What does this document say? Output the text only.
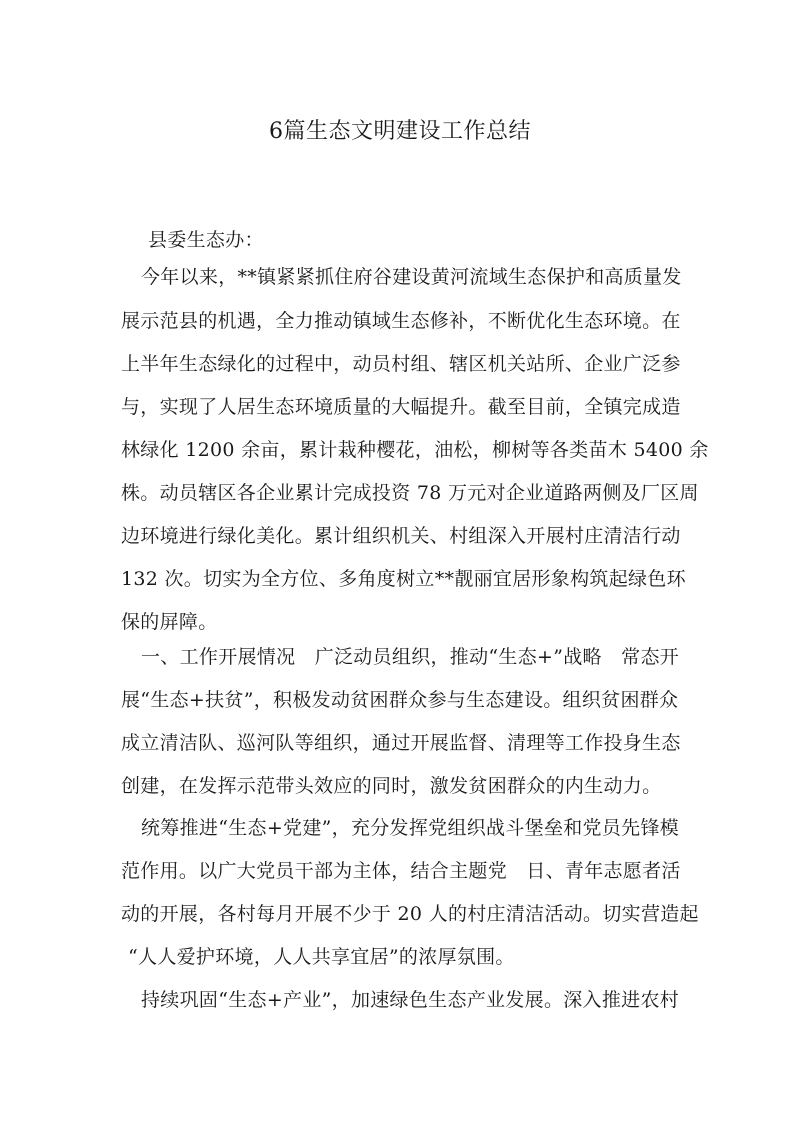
6篇生态文明建设工作总结
县委生态办：
今年以来，**镇紧紧抓住府谷建设黄河流域生态保护和高质量发
展示范县的机遇，全力推动镇域生态修补，不断优化生态环境。在
上半年生态绿化的过程中，动员村组、辖区机关站所、企业广泛参
与，实现了人居生态环境质量的大幅提升。截至目前，全镇完成造
林绿化 1200 余亩，累计栽种樱花，油松，柳树等各类苗木 5400 余
株。动员辖区各企业累计完成投资 78 万元对企业道路两侧及厂区周
边环境进行绿化美化。累计组织机关、村组深入开展村庄清洁行动
132 次。切实为全方位、多角度树立**靓丽宜居形象构筑起绿色环
保的屏障。
一、工作开展情况　广泛动员组织，推动“生态+”战略　常态开
展“生态+扶贫”，积极发动贫困群众参与生态建设。组织贫困群众
成立清洁队、巡河队等组织，通过开展监督、清理等工作投身生态
创建，在发挥示范带头效应的同时，激发贫困群众的内生动力。
统筹推进“生态+党建”，充分发挥党组织战斗堡垒和党员先锋模
范作用。以广大党员干部为主体，结合主题党　日、青年志愿者活
动的开展，各村每月开展不少于 20 人的村庄清洁活动。切实营造起
“人人爱护环境，人人共享宜居”的浓厚氛围。
持续巩固“生态+产业”，加速绿色生态产业发展。深入推进农村
